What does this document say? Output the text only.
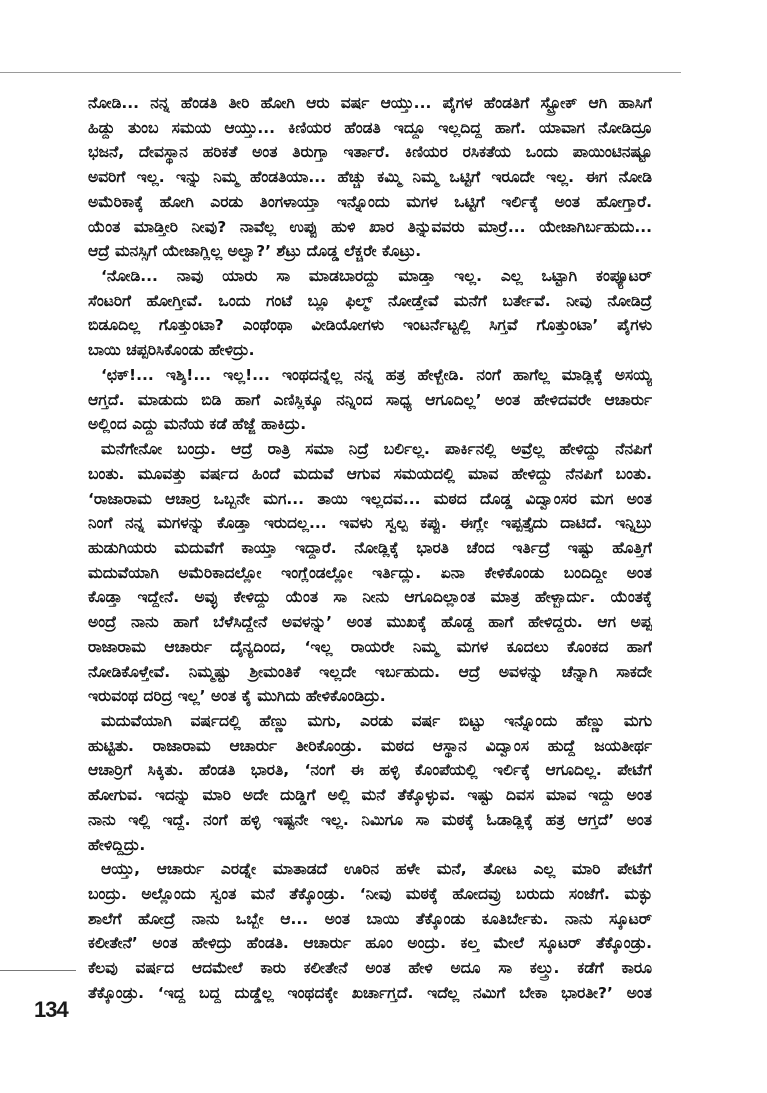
ನೋಡಿ... ನನ್ನ ಹೆಂಡತಿ ತೀರಿ ಹೋಗಿ ಆರು ವರ್ಷ ಆಯ್ತು... ಪೈಗಳ ಹೆಂಡತಿಗೆ ಸ್ಟ್ರೋಕ್ ಆಗಿ ಹಾಸಿಗೆ
ಹಿಡ್ದು ತುಂಬ ಸಮಯ ಆಯ್ತು... ಕಿಣಿಯರ ಹೆಂಡತಿ ಇದ್ದೂ ಇಲ್ಲದಿದ್ದ ಹಾಗೆ. ಯಾವಾಗ ನೋಡಿದ್ರೂ
ಭಜನೆ, ದೇವಸ್ಥಾನ ಹರಿಕತೆ ಅಂತ ತಿರುಗ್ತಾ ಇರ್ತಾರೆ. ಕಿಣಿಯರ ರಸಿಕತೆಯ ಒಂದು ಪಾಯಿಂಟಿನಷ್ಟೂ
ಅವರಿಗೆ ಇಲ್ಲ. ಇನ್ನು ನಿಮ್ಮ ಹೆಂಡತಿಯಾ... ಹೆಚ್ಚು ಕಮ್ಮಿ ನಿಮ್ಮ ಒಟ್ಟಿಗೆ ಇರೂದೇ ಇಲ್ಲ. ಈಗ ನೋಡಿ
ಅಮೆರಿಕಾಕ್ಕೆ ಹೋಗಿ ಎರಡು ತಿಂಗಳಾಯ್ತಾ ಇನ್ನೊಂದು ಮಗಳ ಒಟ್ಟಿಗೆ ಇರ್ಲಿಕ್ಕೆ ಅಂತ ಹೋಗ್ತಾರೆ.
ಯೆಂತ ಮಾಡ್ತೀರಿ ನೀವು? ನಾವೆಲ್ಲ ಉಪ್ಪು ಹುಳಿ ಖಾರ ತಿನ್ನುವವರು ಮಾರ್ರೆ... ಯೇಜಾಗಿರ್ಬಹುದು...
ಆದ್ರೆ ಮನಸ್ಸಿಗೆ ಯೇಜಾಗ್ಲಿಲ್ಲ ಅಲ್ವಾ?’ ಶೆಟ್ರು ದೊಡ್ಡ ಲೆಕ್ಚರೇ ಕೊಟ್ರು.
‘ನೋಡಿ... ನಾವು ಯಾರು ಸಾ ಮಾಡಬಾರದ್ದು ಮಾಡ್ತಾ ಇಲ್ಲ. ಎಲ್ಲ ಒಟ್ಟಾಗಿ ಕಂಪ್ಯೂಟರ್
ಸೆಂಟರಿಗೆ ಹೋಗ್ತೀವೆ. ಒಂದು ಗಂಟೆ ಬ್ಲೂ ಫಿಲ್ಮ್ ನೋಡ್ತೇವೆ ಮನೆಗೆ ಬರ್ತೇವೆ. ನೀವು ನೋಡಿದ್ರೆ
ಬಿಡೂದಿಲ್ಲ ಗೊತ್ತುಂಟಾ? ಎಂಥೆಂಥಾ ವೀಡಿಯೋಗಳು ಇಂಟರ್ನೆಟ್ಟಲ್ಲಿ ಸಿಗ್ತವೆ ಗೊತ್ತುಂಟಾ’ ಪೈಗಳು
ಬಾಯಿ ಚಪ್ಪರಿಸಿಕೊಂಡು ಹೇಳಿದ್ರು.
‘ಛಕ್!... ಇಶ್ಶಿ!... ಇಲ್ಲ!... ಇಂಥದನ್ನೆಲ್ಲ ನನ್ನ ಹತ್ರ ಹೇಳ್ಬೇಡಿ. ನಂಗೆ ಹಾಗೆಲ್ಲ ಮಾಡ್ಲಿಕ್ಕೆ ಅಸಯ್ಯ
ಆಗ್ತದೆ. ಮಾಡುದು ಬಿಡಿ ಹಾಗೆ ಎಣಿಸ್ಲಿಕ್ಕೂ ನನ್ನಿಂದ ಸಾಧ್ಯ ಆಗೂದಿಲ್ಲ’ ಅಂತ ಹೇಳಿದವರೇ ಆಚಾರ್ರು
ಅಲ್ಲಿಂದ ಎದ್ದು ಮನೆಯ ಕಡೆ ಹೆಜ್ಜೆ ಹಾಕಿದ್ರು.
ಮನೆಗೇನೋ ಬಂದ್ರು. ಆದ್ರೆ ರಾತ್ರಿ ಸಮಾ ನಿದ್ರೆ ಬರ್ಲಿಲ್ಲ. ಪಾರ್ಕಿನಲ್ಲಿ ಅವ್ರೆಲ್ಲ ಹೇಳಿದ್ದು ನೆನಪಿಗೆ
ಬಂತು. ಮೂವತ್ತು ವರ್ಷದ ಹಿಂದೆ ಮದುವೆ ಆಗುವ ಸಮಯದಲ್ಲಿ ಮಾವ ಹೇಳಿದ್ದು ನೆನಪಿಗೆ ಬಂತು.
‘ರಾಜಾರಾಮ ಆಚಾರ್ರ ಒಬ್ಬನೇ ಮಗ... ತಾಯಿ ಇಲ್ಲದವ... ಮಠದ ದೊಡ್ಡ ವಿದ್ವಾಂಸರ ಮಗ ಅಂತ
ನಿಂಗೆ ನನ್ನ ಮಗಳನ್ನು ಕೊಡ್ತಾ ಇರುದಲ್ಲ... ಇವಳು ಸ್ವಲ್ಪ ಕಪ್ಪು. ಈಗ್ಲೇ ಇಪ್ಪತ್ತೈದು ದಾಟಿದೆ. ಇನ್ನಿಬ್ರು
ಹುಡುಗಿಯರು ಮದುವೆಗೆ ಕಾಯ್ತಾ ಇದ್ದಾರೆ. ನೋಡ್ಲಿಕ್ಕೆ ಭಾರತಿ ಚೆಂದ ಇರ್ತಿದ್ರೆ ಇಷ್ಟು ಹೊತ್ತಿಗೆ
ಮದುವೆಯಾಗಿ ಅಮೆರಿಕಾದಲ್ಲೋ ಇಂಗ್ಲೆಂಡಲ್ಲೋ ಇರ್ತಿದ್ಲು. ಏನಾ ಕೇಳಿಕೊಂಡು ಬಂದಿದ್ದೀ ಅಂತ
ಕೊಡ್ತಾ ಇದ್ದೇನೆ. ಅವ್ಳು ಕೇಳಿದ್ದು ಯೆಂತ ಸಾ ನೀನು ಆಗೂದಿಲ್ಲಾಂತ ಮಾತ್ರ ಹೇಳ್ಬಾರ್ದು. ಯೆಂತಕ್ಕೆ
ಅಂದ್ರೆ ನಾನು ಹಾಗೆ ಬೆಳೆಸಿದ್ದೇನೆ ಅವಳನ್ನು’ ಅಂತ ಮುಖಕ್ಕೆ ಹೊಡ್ದ ಹಾಗೆ ಹೇಳಿದ್ದರು. ಆಗ ಅಪ್ಪ
ರಾಜಾರಾಮ ಆಚಾರ್ರು ದೈನ್ಯದಿಂದ, ‘ಇಲ್ಲ ರಾಯರೇ ನಿಮ್ಮ ಮಗಳ ಕೂದಲು ಕೊಂಕದ ಹಾಗೆ
ನೋಡಿಕೊಳ್ತೇವೆ. ನಿಮ್ಮಷ್ಟು ಶ್ರೀಮಂತಿಕೆ ಇಲ್ಲದೇ ಇರ್ಬಹುದು. ಆದ್ರೆ ಅವಳನ್ನು ಚೆನ್ನಾಗಿ ಸಾಕದೇ
ಇರುವಂಥ ದರಿದ್ರ ಇಲ್ಲ’ ಅಂತ ಕೈ ಮುಗಿದು ಹೇಳಿಕೊಂಡಿದ್ರು.
ಮದುವೆಯಾಗಿ ವರ್ಷದಲ್ಲಿ ಹೆಣ್ಣು ಮಗು, ಎರಡು ವರ್ಷ ಬಿಟ್ಟು ಇನ್ನೊಂದು ಹೆಣ್ಣು ಮಗು
ಹುಟ್ಟಿತು. ರಾಜಾರಾಮ ಆಚಾರ್ರು ತೀರಿಕೊಂಡ್ರು. ಮಠದ ಆಸ್ಥಾನ ವಿದ್ವಾಂಸ ಹುದ್ದೆ ಜಯತೀರ್ಥ
ಆಚಾರ್ರಿಗೆ ಸಿಕ್ಕಿತು. ಹೆಂಡತಿ ಭಾರತಿ, ‘ನಂಗೆ ಈ ಹಳ್ಳಿ ಕೊಂಪೆಯಲ್ಲಿ ಇರ್ಲಿಕ್ಕೆ ಆಗೂದಿಲ್ಲ. ಪೇಟೆಗೆ
ಹೋಗುವ. ಇದನ್ನು ಮಾರಿ ಅದೇ ದುಡ್ಡಿಗೆ ಅಲ್ಲಿ ಮನೆ ತೆಕ್ಕೊಳ್ಳುವ. ಇಷ್ಟು ದಿವಸ ಮಾವ ಇದ್ದು ಅಂತ
ನಾನು ಇಲ್ಲಿ ಇದ್ದೆ. ನಂಗೆ ಹಳ್ಳಿ ಇಷ್ಟನೇ ಇಲ್ಲ. ನಿಮಿಗೂ ಸಾ ಮಠಕ್ಕೆ ಓಡಾಡ್ಲಿಕ್ಕೆ ಹತ್ರ ಆಗ್ತದೆ’ ಅಂತ
ಹೇಳಿದ್ದಿದ್ರು.
ಆಯ್ತು, ಆಚಾರ್ರು ಎರಡ್ನೇ ಮಾತಾಡದೆ ಊರಿನ ಹಳೇ ಮನೆ, ತೋಟ ಎಲ್ಲ ಮಾರಿ ಪೇಟೆಗೆ
ಬಂದ್ರು. ಅಲ್ಲೊಂದು ಸ್ವಂತ ಮನೆ ತೆಕ್ಕೊಂಡ್ರು. ‘ನೀವು ಮಠಕ್ಕೆ ಹೋದವ್ರು ಬರುದು ಸಂಜೆಗೆ. ಮಕ್ಳು
ಶಾಲೆಗೆ ಹೋದ್ರೆ ನಾನು ಒಬ್ಬೇ ಆ... ಅಂತ ಬಾಯಿ ತೆಕ್ಕೊಂಡು ಕೂತಿರ್ಬೇಕು. ನಾನು ಸ್ಕೂಟರ್
ಕಲೀತೇನೆ’ ಅಂತ ಹೇಳಿದ್ರು ಹೆಂಡತಿ. ಆಚಾರ್ರು ಹೂಂ ಅಂದ್ರು. ಕಲ್ತ ಮೇಲೆ ಸ್ಕೂಟರ್ ತೆಕ್ಕೊಂಡ್ರು.
ಕೆಲವು ವರ್ಷದ ಆದಮೇಲೆ ಕಾರು ಕಲೀತೇನೆ ಅಂತ ಹೇಳಿ ಅದೂ ಸಾ ಕಲ್ತ್ರು. ಕಡೆಗೆ ಕಾರೂ
ತೆಕ್ಕೊಂಡ್ರು. ‘ಇದ್ದ ಬದ್ದ ದುಡ್ಡೆಲ್ಲ ಇಂಥದಕ್ಕೇ ಖರ್ಚಾಗ್ತದೆ. ಇದೆಲ್ಲ ನಮಿಗೆ ಬೇಕಾ ಭಾರತೀ?’ ಅಂತ
134
